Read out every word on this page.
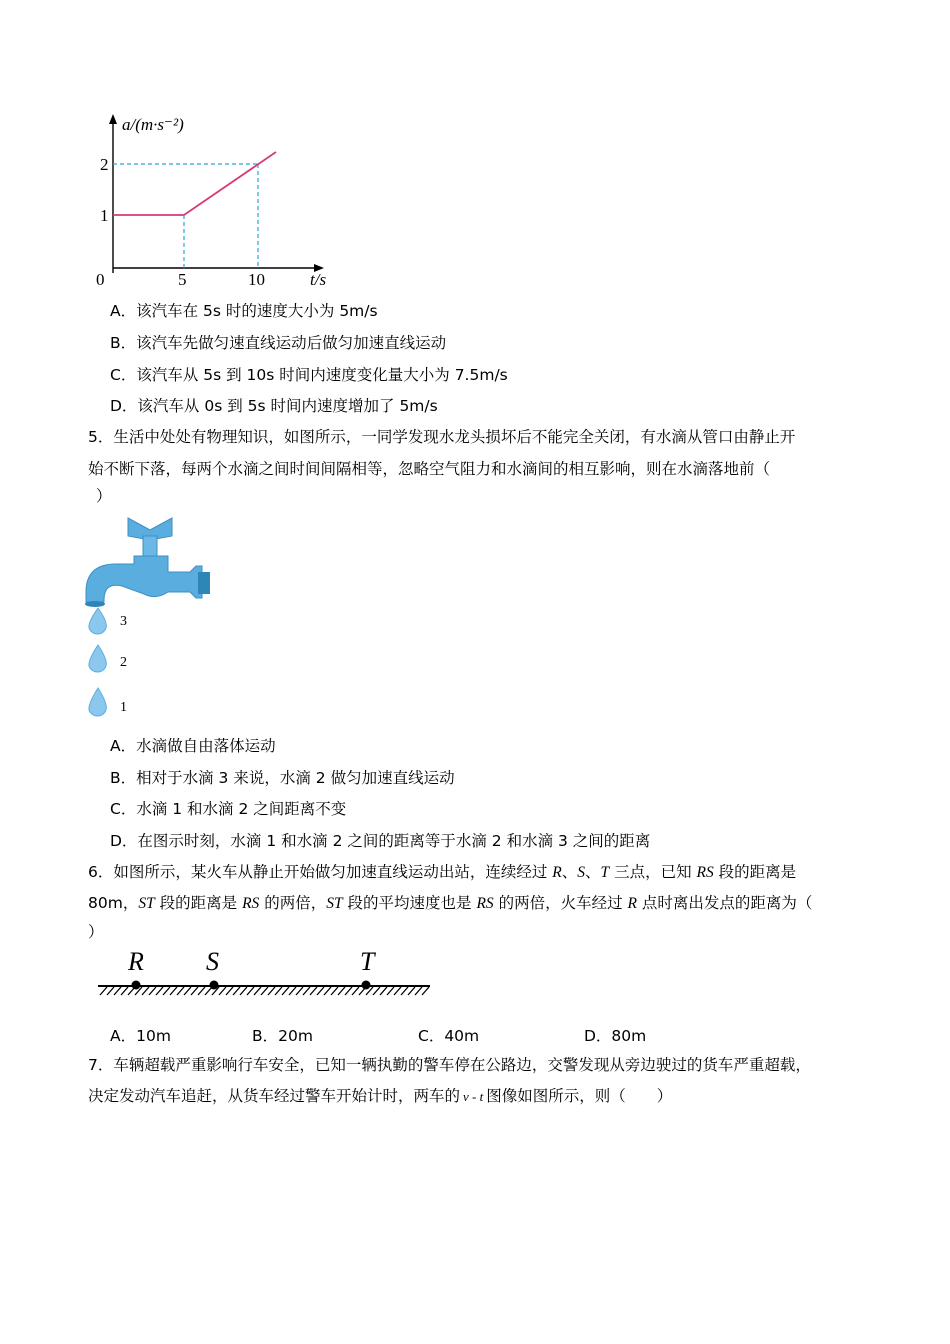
a/(m·s⁻²)
t/s
0
1
2
5	10
A．该汽车在 5s 时的速度大小为 5m/s
B．该汽车先做匀速直线运动后做匀加速直线运动
C．该汽车从 5s 到 10s 时间内速度变化量大小为 7.5m/s
D．该汽车从 0s 到 5s 时间内速度增加了 5m/s
5．生活中处处有物理知识，如图所示，一同学发现水龙头损坏后不能完全关闭，有水滴从管口由静止开
始不断下落，每两个水滴之间时间间隔相等，忽略空气阻力和水滴间的相互影响，则在水滴落地前（
）
3
2
1
A．水滴做自由落体运动
B．相对于水滴 3 来说，水滴 2 做匀加速直线运动
C．水滴 1 和水滴 2 之间距离不变
D．在图示时刻，水滴 1 和水滴 2 之间的距离等于水滴 2 和水滴 3 之间的距离
6．如图所示，某火车从静止开始做匀加速直线运动出站，连续经过 R、S、T 三点，已知 RS 段的距离是
80m，ST 段的距离是 RS 的两倍，ST 段的平均速度也是 RS 的两倍，火车经过 R 点时离出发点的距离为（
）
R S	T
A．10m	B．20m	C．40m	D．80m
7．车辆超载严重影响行车安全，已知一辆执勤的警车停在公路边，交警发现从旁边驶过的货车严重超载，
决定发动汽车追赶，从货车经过警车开始计时，两车的 v - t 图像如图所示，则（　　）
